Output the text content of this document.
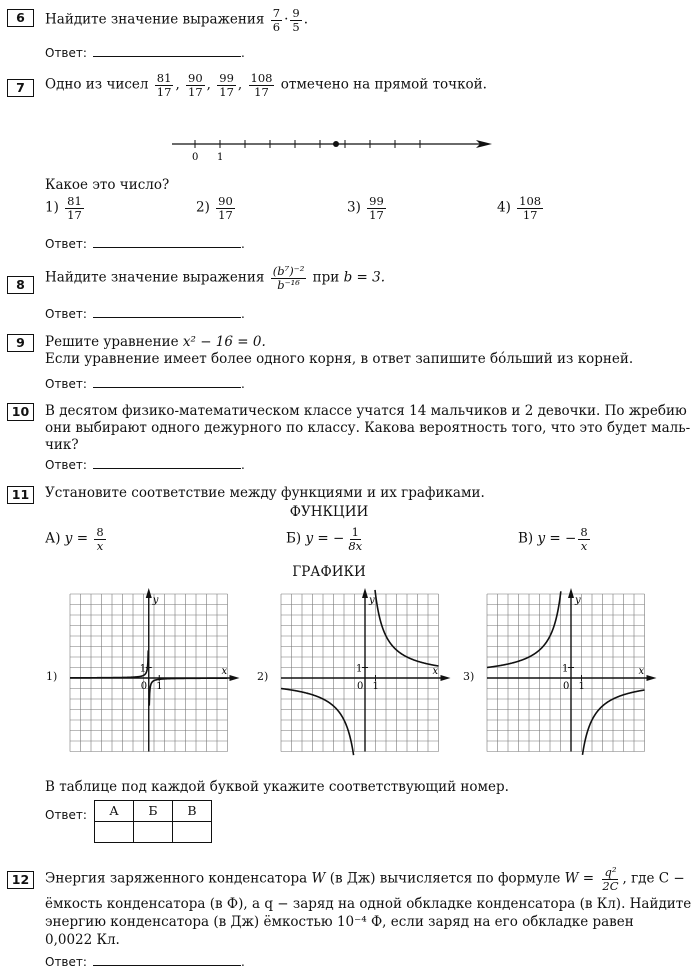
6	Найдите значение выражения $\frac{7}{6} \cdot \frac{9}{5}$ .
Ответ:	.
7	Одно из чисел $\frac{81}{17}$ , $\frac{90}{17}$ , $\frac{99}{17}$ , $\frac{108}{17}$ отмечено на прямой точкой.
0 1
Какое это число?
$1) \frac{81}{17}$	$2) \frac{90}{17}$	$3) \frac{99}{17}$	$4) \frac{108}{17}$
Ответ:	.
8	Найдите значение выражения $\frac{\text{(b⁷)⁻²}}{\text{b⁻¹⁶}}$ при b = 3.
Ответ:	.
9	Решите уравнение x² − 16 = 0.
Если уравнение имеет более одного корня, в ответ запишите бóльший из корней.
Ответ:	.
10	В десятом физико-математическом классе учатся 14 мальчиков и 2 девочки. По жребию
они выбирают одного дежурного по классу. Какова вероятность того, что это будет маль-
чик?
Ответ:	.
11	Установите соответствие между функциями и их графиками.
ФУНКЦИИ
А) $y = \frac{8}{x}$	Б) y = − $\frac{1}{8x}$	В) y = − $\frac{8}{x}$
ГРАФИКИ
1)	2)	3)
y
x
0 1
1
y
x
0 1
1
y
x
0 1
1
В таблице под каждой буквой укажите соответствующий номер.
Ответ: А	Б	В

12	Энергия заряженного конденсатора W (в Дж) вычисляется по формуле $W = \frac{\text{q²}}{2C}$ , где C −
ёмкость конденсатора (в Ф), а q − заряд на одной обкладке конденсатора (в Кл). Найдите
энергию конденсатора (в Дж) ёмкостью 10⁻⁴ Ф, если заряд на его обкладке равен
0,0022 Кл.
Ответ:	.
